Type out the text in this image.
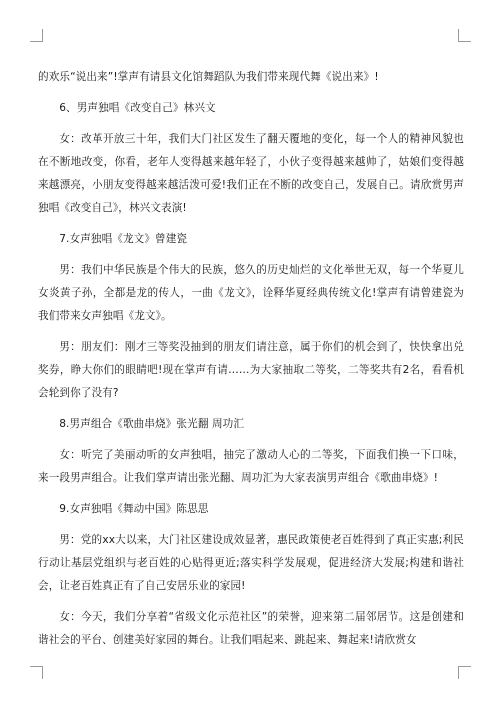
的欢乐“说出来”!掌声有请县文化馆舞蹈队为我们带来现代舞《说出来》!

6、男声独唱《改变自己》林兴文

女：改革开放三十年，我们大门社区发生了翻天覆地的变化，每一个人的精神风貌也在不断地改变，你看，老年人变得越来越年轻了，小伙子变得越来越帅了，姑娘们变得越来越漂亮，小朋友变得越来越活泼可爱!我们正在不断的改变自己，发展自己。请欣赏男声独唱《改变自己》，林兴文表演!

7.女声独唱《龙文》曾建瓷

男：我们中华民族是个伟大的民族，悠久的历史灿烂的文化举世无双，每一个华夏儿女炎黄子孙，全都是龙的传人，一曲《龙文》，诠释华夏经典传统文化!掌声有请曾建瓷为我们带来女声独唱《龙文》。

男：朋友们：刚才三等奖没抽到的朋友们请注意，属于你们的机会到了，快快拿出兑奖券，睁大你们的眼睛吧!现在掌声有请……为大家抽取二等奖，二等奖共有2名，看看机会轮到你了没有?

8.男声组合《歌曲串烧》张光翻 周功汇

女：听完了美丽动听的女声独唱，抽完了激动人心的二等奖，下面我们换一下口味，来一段男声组合。让我们掌声请出张光翻、周功汇为大家表演男声组合《歌曲串烧》!

9.女声独唱《舞动中国》陈思思

男：党的xx大以来，大门社区建设成效显著，惠民政策使老百姓得到了真正实惠;利民行动让基层党组织与老百姓的心贴得更近;落实科学发展观，促进经济大发展;构建和谐社会，让老百姓真正有了自己安居乐业的家园!

女：今天，我们分享着“省级文化示范社区”的荣誉，迎来第二届邻居节。这是创建和谐社会的平台、创建美好家园的舞台。让我们唱起来、跳起来、舞起来!请欣赏女
